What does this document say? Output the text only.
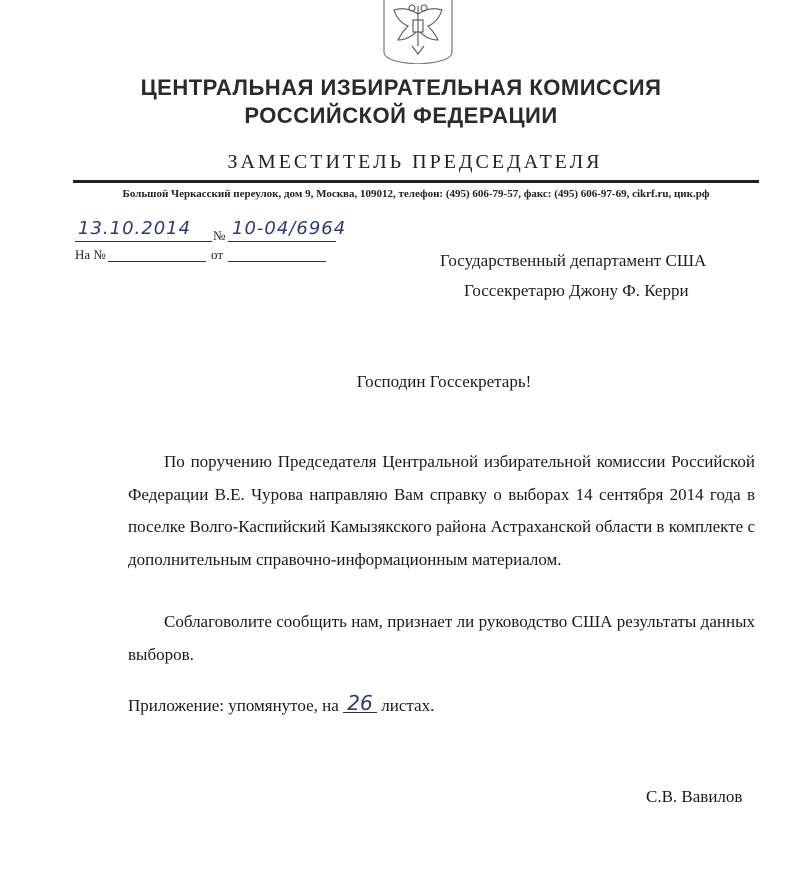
ЦЕНТРАЛЬНАЯ ИЗБИРАТЕЛЬНАЯ КОМИССИЯ
РОССИЙСКОЙ ФЕДЕРАЦИИ
ЗАМЕСТИТЕЛЬ ПРЕДСЕДАТЕЛЯ
Большой Черкасский переулок, дом 9, Москва, 109012, телефон: (495) 606-79-57, факс: (495) 606-97-69, cikrf.ru, цик.рф
13.10.2014 № 10-04/6964
На №	от	Государственный департамент США
Госсекретарю Джону Ф. Керри
Господин Госсекретарь!
По поручению Председателя Центральной избирательной комиссии Российской Федерации В.Е. Чурова направляю Вам справку о выборах 14 сентября 2014 года в поселке Волго-Каспийский Камызякского района Астраханской области в комплекте с дополнительным справочно-информационным материалом.
Соблаговолите сообщить нам, признает ли руководство США результаты данных выборов.
Приложение: упомянутое, на 26 листах.
С.В. Вавилов
